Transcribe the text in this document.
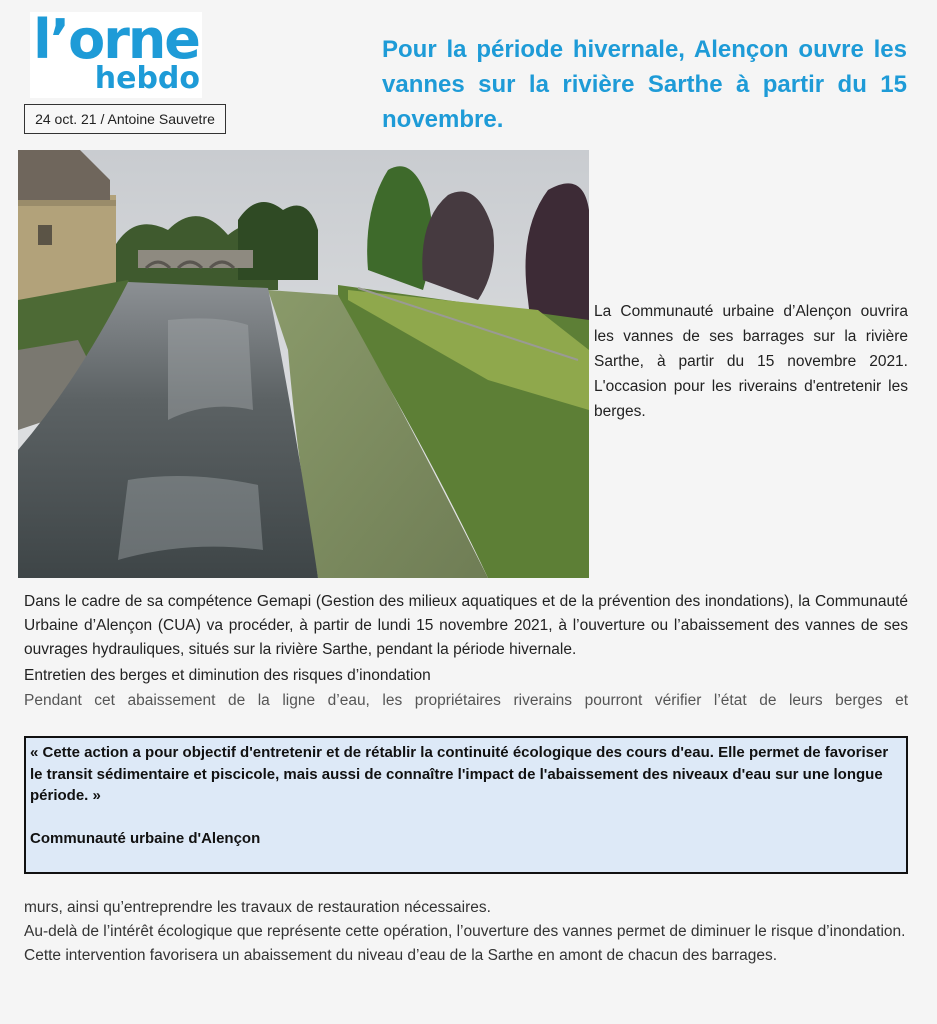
l’orne
hebdo
24 oct. 21 / Antoine Sauvetre
Pour la période hivernale, Alençon ouvre les vannes sur la rivière Sarthe à partir du 15 novembre.

La Communauté urbaine d’Alençon ouvrira les vannes de ses barrages sur la rivière Sarthe, à partir du 15 novembre 2021. L'occasion pour les riverains d'entretenir les berges.

Dans le cadre de sa compétence Gemapi (Gestion des milieux aquatiques et de la prévention des inondations), la Communauté Urbaine d’Alençon (CUA) va procéder, à partir de lundi 15 novembre 2021, à l’ouverture ou l’abaissement des vannes de ses ouvrages hydrauliques, situés sur la rivière Sarthe, pendant la période hivernale.

Entretien des berges et diminution des risques d’inondation

Pendant cet abaissement de la ligne d’eau, les propriétaires riverains pourront vérifier l’état de leurs berges et

« Cette action a pour objectif d'entretenir et de rétablir la continuité écologique des cours d'eau. Elle permet de favoriser le transit sédimentaire et piscicole, mais aussi de connaître l'impact de l'abaissement des niveaux d'eau sur une longue période. »

Communauté urbaine d'Alençon

murs, ainsi qu’entreprendre les travaux de restauration nécessaires.

Au-delà de l’intérêt écologique que représente cette opération, l’ouverture des vannes permet de diminuer le risque d’inondation.

Cette intervention favorisera un abaissement du niveau d’eau de la Sarthe en amont de chacun des barrages.
